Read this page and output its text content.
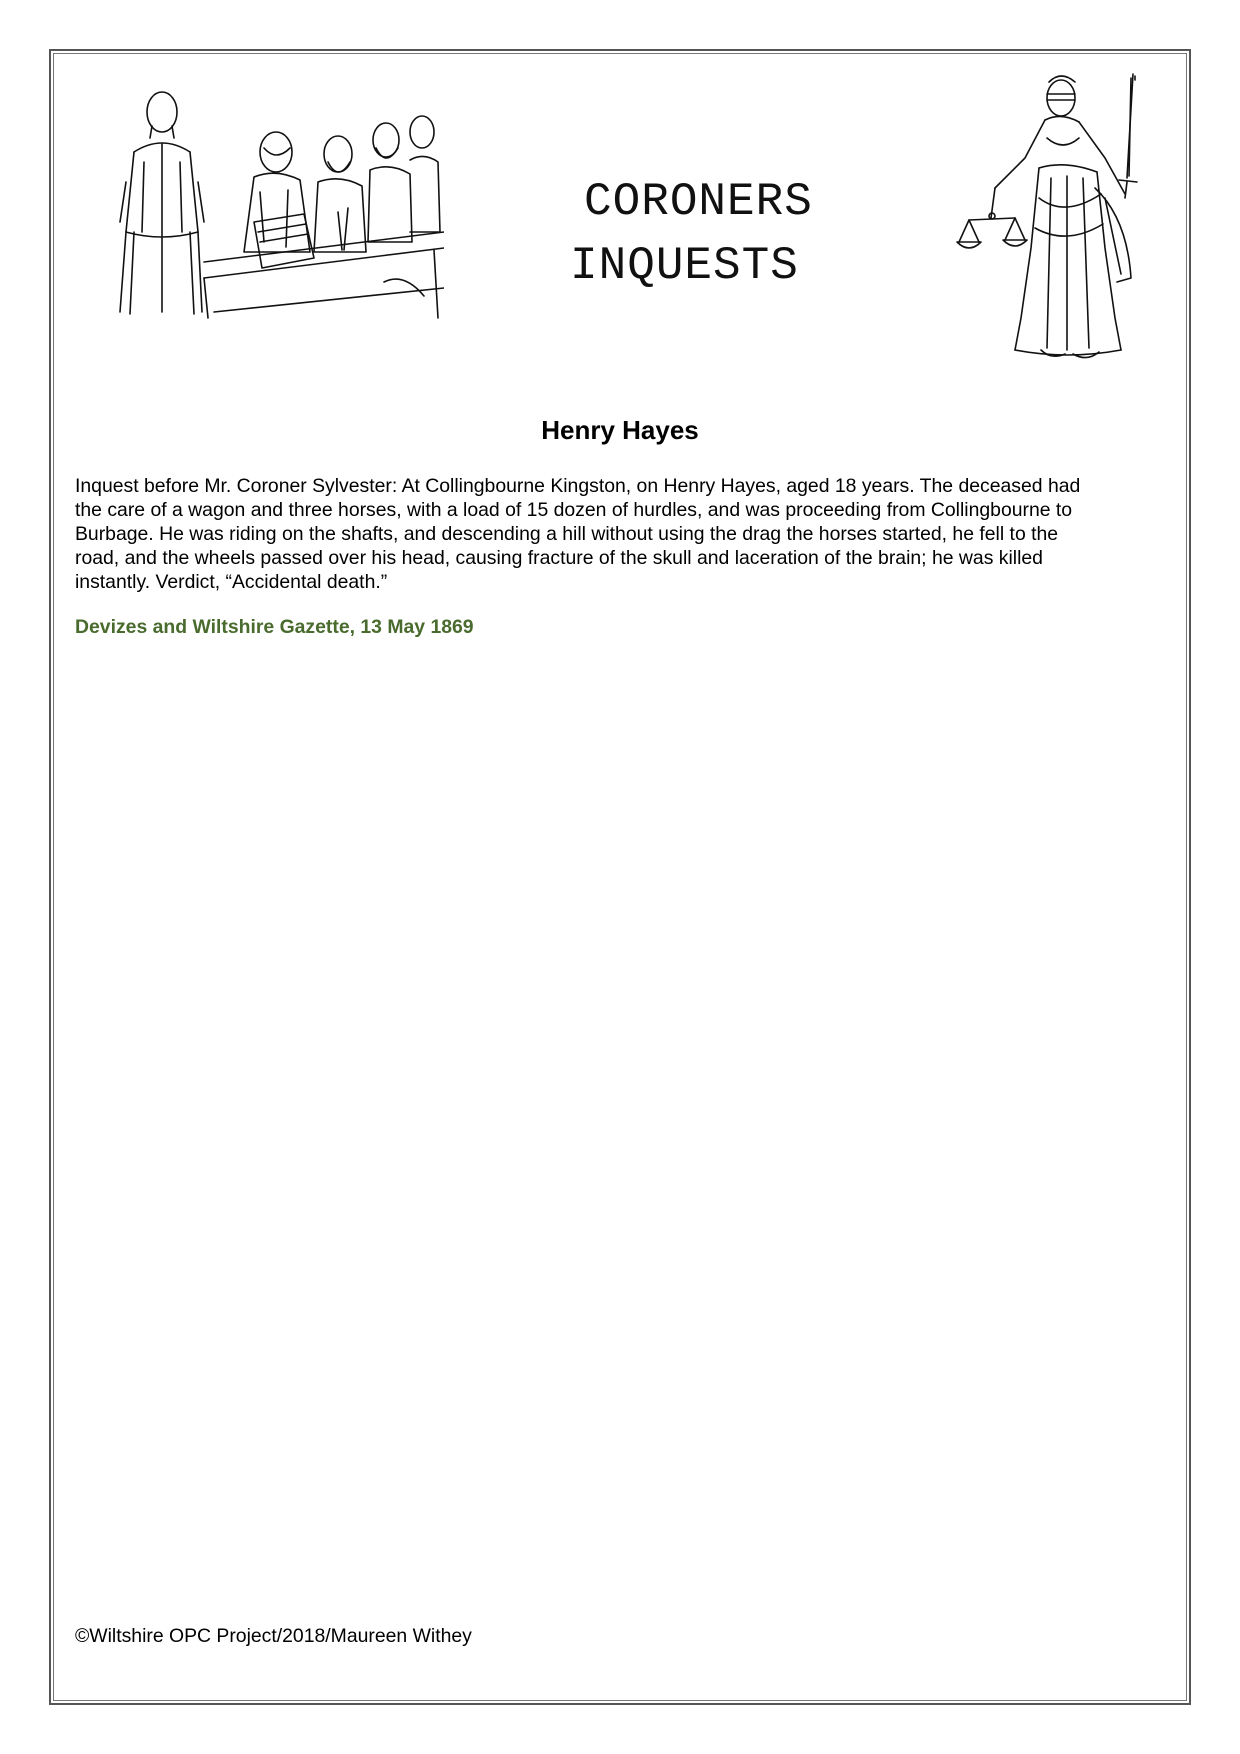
CORONERS
INQUESTS
Henry Hayes

Inquest before Mr. Coroner Sylvester: At Collingbourne Kingston, on Henry Hayes, aged 18 years. The deceased had
the care of a wagon and three horses, with a load of 15 dozen of hurdles, and was proceeding from Collingbourne to
Burbage. He was riding on the shafts, and descending a hill without using the drag the horses started, he fell to the
road, and the wheels passed over his head, causing fracture of the skull and laceration of the brain; he was killed
instantly. Verdict, “Accidental death.”

Devizes and Wiltshire Gazette, 13 May 1869
©Wiltshire OPC Project/2018/Maureen Withey
